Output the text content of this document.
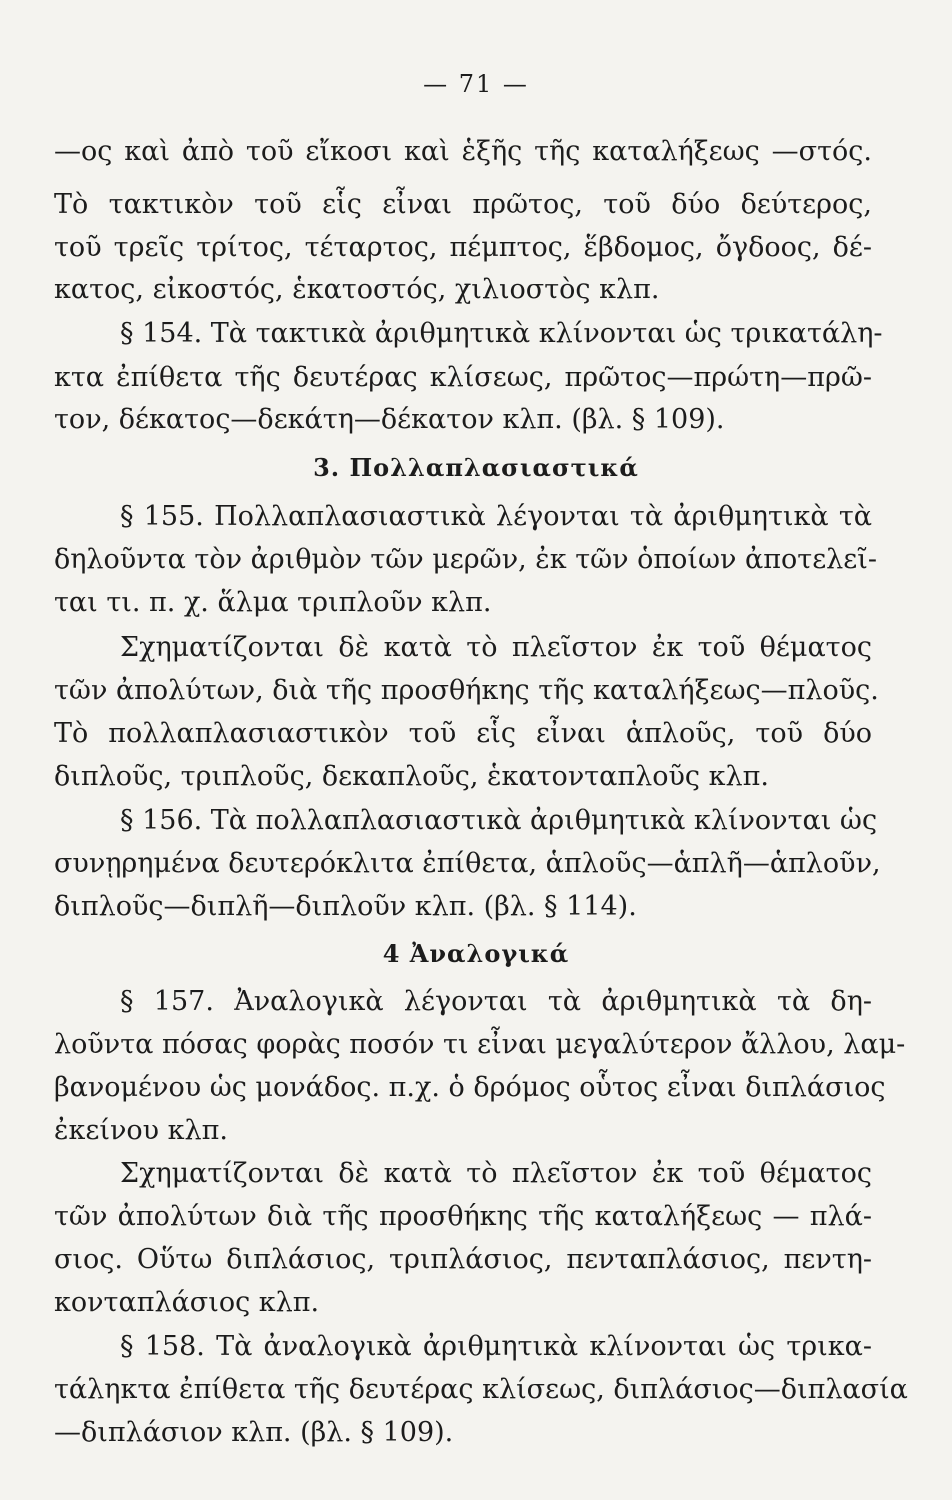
— 71 —
—ος καὶ ἀπὸ τοῦ εἴκοσι καὶ ἑξῆς τῆς καταλήξεως —στός.
Τὸ τακτικὸν τοῦ εἷς εἶναι πρῶτος, τοῦ δύο δεύτερος,
τοῦ τρεῖς τρίτος, τέταρτος, πέμπτος, ἕβδομος, ὄγδοος, δέ-
κατος, εἰκοστός, ἑκατοστός, χιλιοστὸς κλπ.
§ 154. Τὰ τακτικὰ ἀριθμητικὰ κλίνονται ὡς τρικατάλη-
κτα ἐπίθετα τῆς δευτέρας κλίσεως, πρῶτος—πρώτη—πρῶ-
τον, δέκατος—δεκάτη—δέκατον κλπ. (βλ. § 109).
3. Πολλαπλασιαστικά
§ 155. Πολλαπλασιαστικὰ λέγονται τὰ ἀριθμητικὰ τὰ
δηλοῦντα τὸν ἀριθμὸν τῶν μερῶν, ἐκ τῶν ὁποίων ἀποτελεῖ-
ται τι. π. χ. ἅλμα τριπλοῦν κλπ.
Σχηματίζονται δὲ κατὰ τὸ πλεῖστον ἐκ τοῦ θέματος
τῶν ἀπολύτων, διὰ τῆς προσθήκης τῆς καταλήξεως—πλοῦς.
Τὸ πολλαπλασιαστικὸν τοῦ εἷς εἶναι ἁπλοῦς, τοῦ δύο
διπλοῦς, τριπλοῦς, δεκαπλοῦς, ἑκατονταπλοῦς κλπ.
§ 156. Τὰ πολλαπλασιαστικὰ ἀριθμητικὰ κλίνονται ὡς
συνῃρημένα δευτερόκλιτα ἐπίθετα, ἁπλοῦς—ἁπλῆ—ἁπλοῦν,
διπλοῦς—διπλῆ—διπλοῦν κλπ. (βλ. § 114).
4 Ἀναλογικά
§ 157. Ἀναλογικὰ λέγονται τὰ ἀριθμητικὰ τὰ δη-
λοῦντα πόσας φορὰς ποσόν τι εἶναι μεγαλύτερον ἄλλου, λαμ-
βανομένου ὡς μονάδος. π.χ. ὁ δρόμος οὗτος εἶναι διπλάσιος
ἐκείνου κλπ.
Σχηματίζονται δὲ κατὰ τὸ πλεῖστον ἐκ τοῦ θέματος
τῶν ἀπολύτων διὰ τῆς προσθήκης τῆς καταλήξεως — πλά-
σιος. Οὕτω διπλάσιος, τριπλάσιος, πενταπλάσιος, πεντη-
κονταπλάσιος κλπ.
§ 158. Τὰ ἀναλογικὰ ἀριθμητικὰ κλίνονται ὡς τρικα-
τάληκτα ἐπίθετα τῆς δευτέρας κλίσεως, διπλάσιος—διπλασία
—διπλάσιον κλπ. (βλ. § 109).
